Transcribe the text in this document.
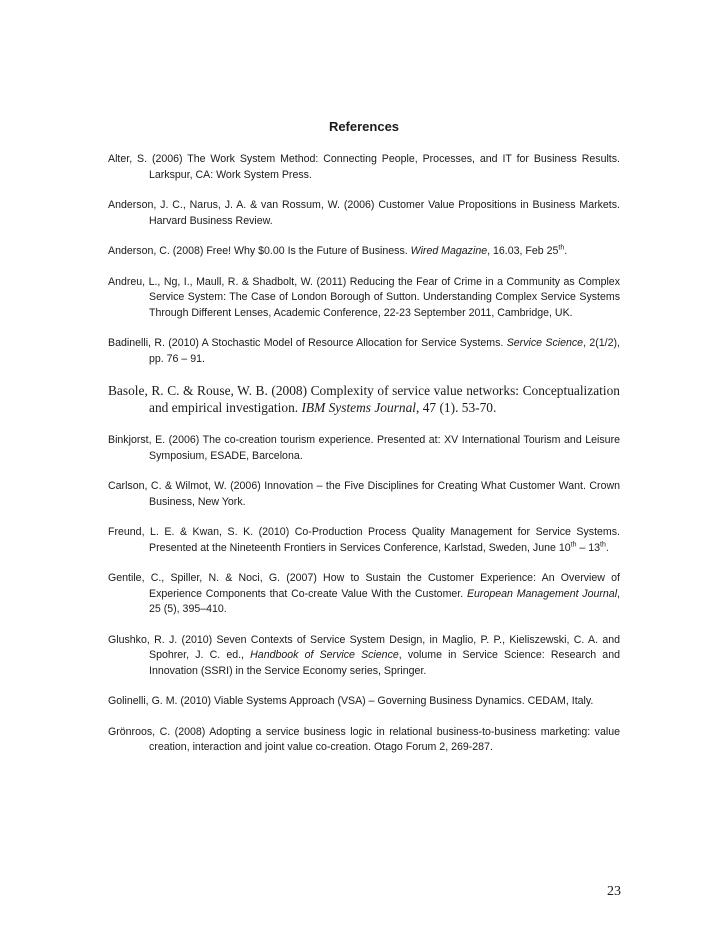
References

Alter, S. (2006) The Work System Method: Connecting People, Processes, and IT for Business Results. Larkspur, CA: Work System Press.

Anderson, J. C., Narus, J. A. & van Rossum, W. (2006) Customer Value Propositions in Business Markets. Harvard Business Review.

Anderson, C. (2008) Free! Why $0.00 Is the Future of Business. Wired Magazine, 16.03, Feb 25th.

Andreu, L., Ng, I., Maull, R. & Shadbolt, W. (2011) Reducing the Fear of Crime in a Community as Complex Service System: The Case of London Borough of Sutton. Understanding Complex Service Systems Through Different Lenses, Academic Conference, 22-23 September 2011, Cambridge, UK.

Badinelli, R. (2010) A Stochastic Model of Resource Allocation for Service Systems. Service Science, 2(1/2), pp. 76 – 91.

Basole, R. C. & Rouse, W. B. (2008) Complexity of service value networks: Conceptualization and empirical investigation. IBM Systems Journal, 47 (1). 53-70.

Binkjorst, E. (2006) The co-creation tourism experience. Presented at: XV International Tourism and Leisure Symposium, ESADE, Barcelona.

Carlson, C. & Wilmot, W. (2006) Innovation – the Five Disciplines for Creating What Customer Want. Crown Business, New York.

Freund, L. E. & Kwan, S. K. (2010) Co-Production Process Quality Management for Service Systems. Presented at the Nineteenth Frontiers in Services Conference, Karlstad, Sweden, June 10th – 13th.

Gentile, C., Spiller, N. & Noci, G. (2007) How to Sustain the Customer Experience: An Overview of Experience Components that Co-create Value With the Customer. European Management Journal, 25 (5), 395–410.

Glushko, R. J. (2010) Seven Contexts of Service System Design, in Maglio, P. P., Kieliszewski, C. A. and Spohrer, J. C. ed., Handbook of Service Science, volume in Service Science: Research and Innovation (SSRI) in the Service Economy series, Springer.

Golinelli, G. M. (2010) Viable Systems Approach (VSA) – Governing Business Dynamics. CEDAM, Italy.

Grönroos, C. (2008) Adopting a service business logic in relational business-to-business marketing: value creation, interaction and joint value co-creation. Otago Forum 2, 269-287.

23
